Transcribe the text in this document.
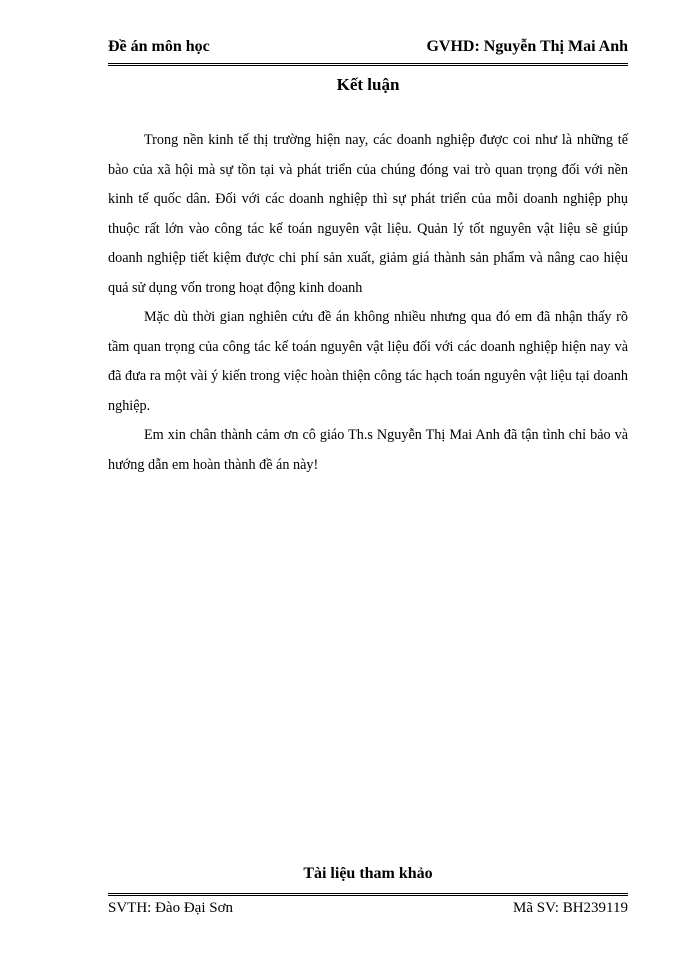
Đề án môn học	GVHD: Nguyễn Thị Mai Anh
Kết luận

Trong nền kinh tế thị trường hiện nay, các doanh nghiệp được coi như là những tế bào của xã hội mà sự tồn tại và phát triển của chúng đóng vai trò quan trọng đối với nền kinh tế quốc dân. Đối với các doanh nghiệp thì sự phát triển của mỗi doanh nghiệp phụ thuộc rất lớn vào công tác kế toán nguyên vật liệu. Quản lý tốt nguyên vật liệu sẽ giúp doanh nghiệp tiết kiệm được chi phí sản xuất, giảm giá thành sản phẩm và nâng cao hiệu quả sử dụng vốn trong hoạt động kinh doanh

Mặc dù thời gian nghiên cứu đề án không nhiều nhưng qua đó em đã nhận thấy rõ tầm quan trọng của công tác kế toán nguyên vật liệu đối với các doanh nghiệp hiện nay và đã đưa ra một vài ý kiến trong việc hoàn thiện công tác hạch toán nguyên vật liệu tại doanh nghiệp.

Em xin chân thành cảm ơn cô giáo Th.s Nguyễn Thị Mai Anh đã tận tình chỉ bảo và hướng dẫn em hoàn thành đề án này!

Tài liệu tham khảo
SVTH: Đào Đại Sơn	Mã SV: BH239119
